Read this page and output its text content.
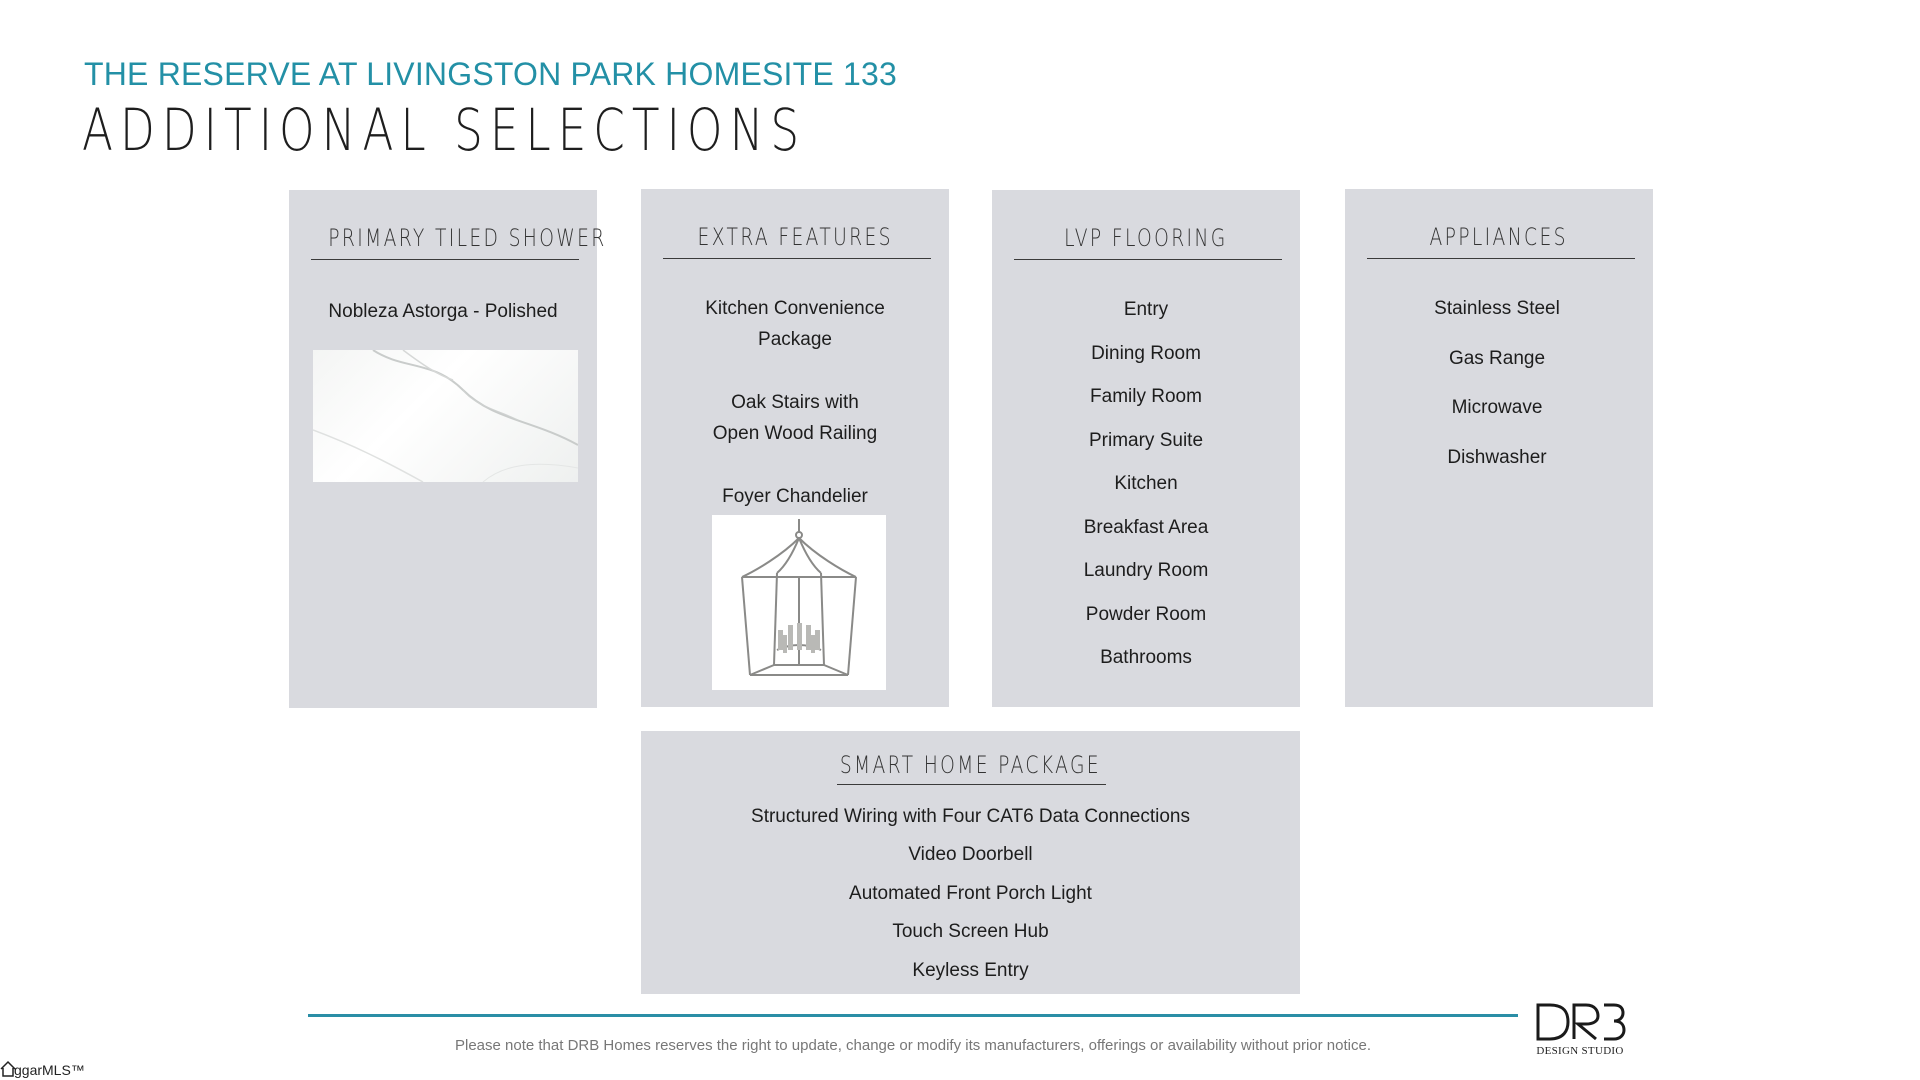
THE RESERVE AT LIVINGSTON PARK HOMESITE 133
ADDITIONAL SELECTIONS
PRIMARY TILED SHOWER
Nobleza Astorga - Polished
EXTRA FEATURES
Kitchen Convenience
Package
Oak Stairs with
Open Wood Railing
Foyer Chandelier
LVP FLOORING
Entry
Dining Room
Family Room
Primary Suite
Kitchen
Breakfast Area
Laundry Room
Powder Room
Bathrooms
APPLIANCES
Stainless Steel
Gas Range
Microwave
Dishwasher
SMART HOME PACKAGE
Structured Wiring with Four CAT6 Data Connections
Video Doorbell
Automated Front Porch Light
Touch Screen Hub
Keyless Entry
Please note that DRB Homes reserves the right to update, change or modify its manufacturers, offerings or availability without prior notice.	DESIGN STUDIO
ggarMLS™
